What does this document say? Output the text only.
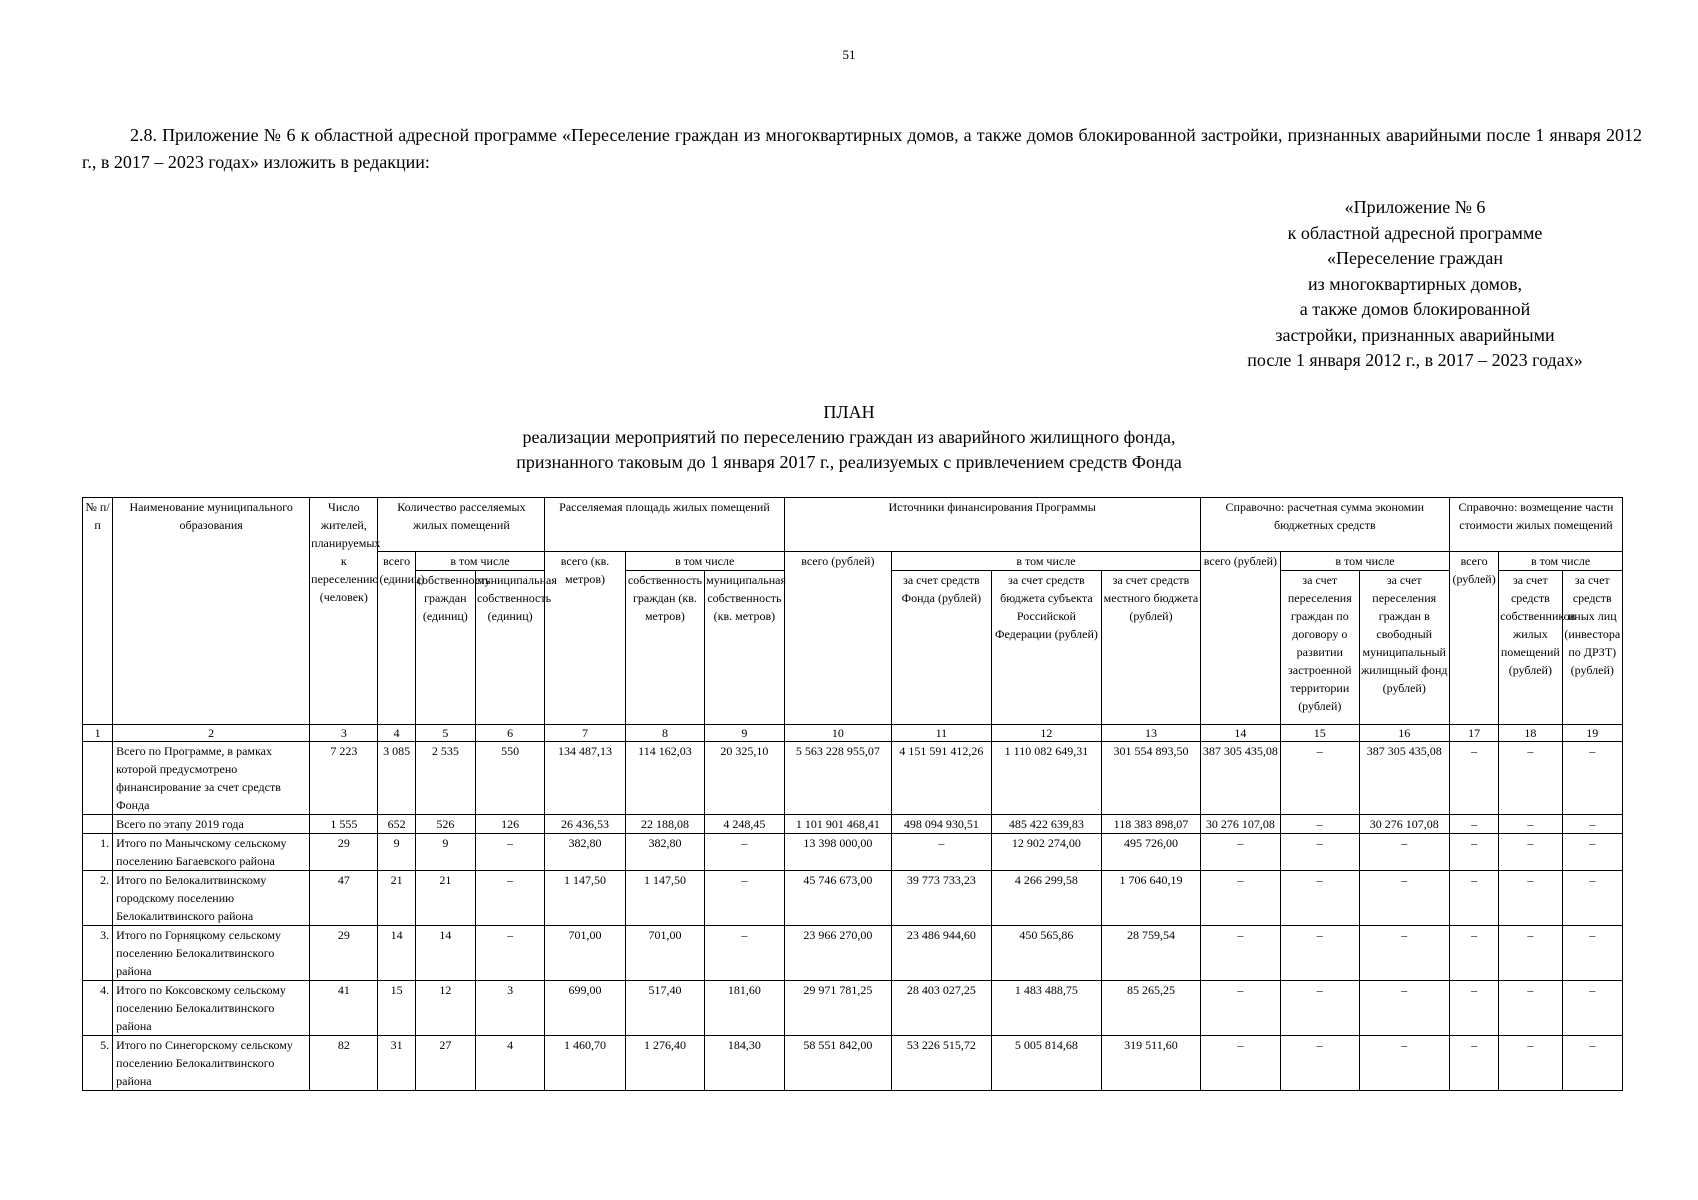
51
2.8. Приложение № 6 к областной адресной программе «Переселение граждан из многоквартирных домов, а также домов блокированной застройки, признанных аварийными после 1 января 2012 г., в 2017 – 2023 годах» изложить в редакции:
«Приложение № 6
к областной адресной программе
«Переселение граждан
из многоквартирных домов,
а также домов блокированной
застройки, признанных аварийными
после 1 января 2012 г., в 2017 – 2023 годах»
ПЛАН
реализации мероприятий по переселению граждан из аварийного жилищного фонда,
признанного таковым до 1 января 2017 г., реализуемых с привлечением средств Фонда
№ п/п	Наименование муниципального образования	Число жителей, планируемых к переселению (человек)	Количество расселяемых жилых помещений			Расселяемая площадь жилых помещений			Источники финансирования Программы				Справочно: расчетная сумма экономии бюджетных средств			Справочно: возмещение части стоимости жилых помещений		
			всего (единиц)	в том числе		всего (кв. метров)	в том числе		всего (рублей)	в том числе			всего (рублей)	в том числе		всего (рублей)	в том числе	
				собственность граждан (единиц)	муниципальная собственность (единиц)		собственность граждан (кв. метров)	муниципальная собственность (кв. метров)		за счет средств Фонда (рублей)	за счет средств бюджета субъекта Российской Федерации (рублей)	за счет средств местного бюджета (рублей)		за счет переселения граждан по договору о развитии застроенной территории (рублей)	за счет переселения граждан в свободный муниципальный жилищный фонд (рублей)		за счет средств собственников жилых помещений (рублей)	за счет средств иных лиц (инвестора по ДРЗТ) (рублей)
1	2	3	4	5	6	7	8	9	10	11	12	13	14	15	16	17	18	19
	Всего по Программе, в рамках которой предусмотрено финансирование за счет средств Фонда	7 223	3 085	2 535	550	134 487,13	114 162,03	20 325,10	5 563 228 955,07	4 151 591 412,26	1 110 082 649,31	301 554 893,50	387 305 435,08	–	387 305 435,08	–	–	–
	Всего по этапу 2019 года	1 555	652	526	126	26 436,53	22 188,08	4 248,45	1 101 901 468,41	498 094 930,51	485 422 639,83	118 383 898,07	30 276 107,08	–	30 276 107,08	–	–	–
1.	Итого по Манычскому сельскому поселению Багаевского района	29	9	9	–	382,80	382,80	–	13 398 000,00	–	12 902 274,00	495 726,00	–	–	–	–	–	–
2.	Итого по Белокалитвинскому городскому поселению Белокалитвинского района	47	21	21	–	1 147,50	1 147,50	–	45 746 673,00	39 773 733,23	4 266 299,58	1 706 640,19	–	–	–	–	–	–
3.	Итого по Горняцкому сельскому поселению Белокалитвинского района	29	14	14	–	701,00	701,00	–	23 966 270,00	23 486 944,60	450 565,86	28 759,54	–	–	–	–	–	–
4.	Итого по Коксовскому сельскому поселению Белокалитвинского района	41	15	12	3	699,00	517,40	181,60	29 971 781,25	28 403 027,25	1 483 488,75	85 265,25	–	–	–	–	–	–
5.	Итого по Синегорскому сельскому поселению Белокалитвинского района	82	31	27	4	1 460,70	1 276,40	184,30	58 551 842,00	53 226 515,72	5 005 814,68	319 511,60	–	–	–	–	–	–
